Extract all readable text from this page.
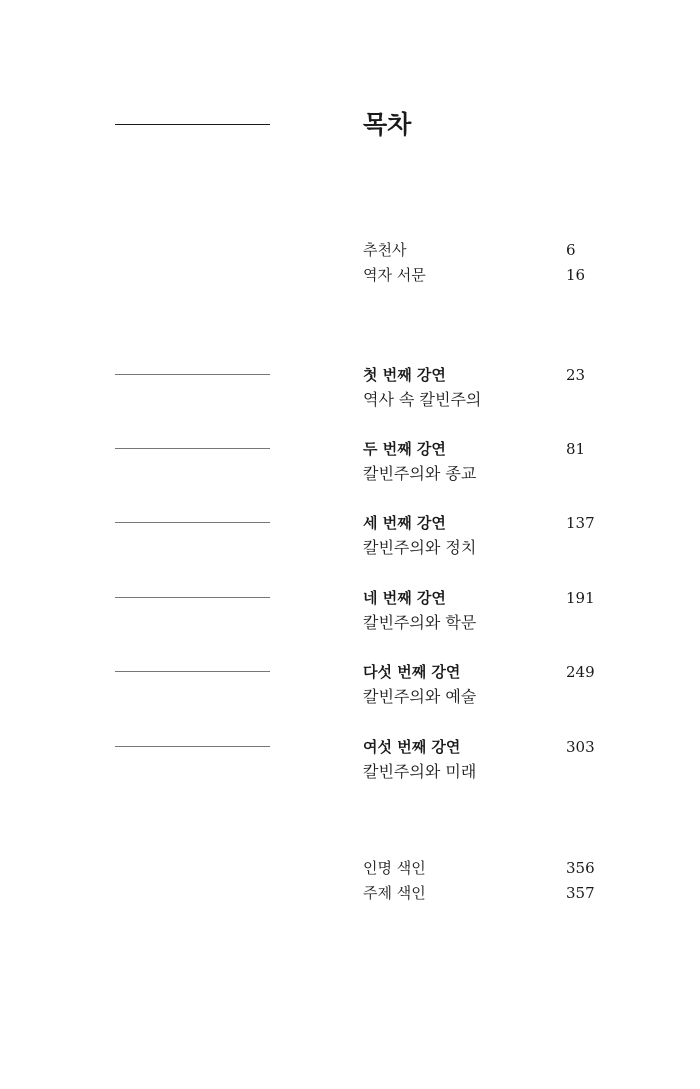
목차
추천사	6
역자 서문	16
첫 번째 강연	23
역사 속 칼빈주의
두 번째 강연	81
칼빈주의와 종교
세 번째 강연	137
칼빈주의와 정치
네 번째 강연	191
칼빈주의와 학문
다섯 번째 강연	249
칼빈주의와 예술
여섯 번째 강연	303
칼빈주의와 미래
인명 색인	356
주제 색인	357
